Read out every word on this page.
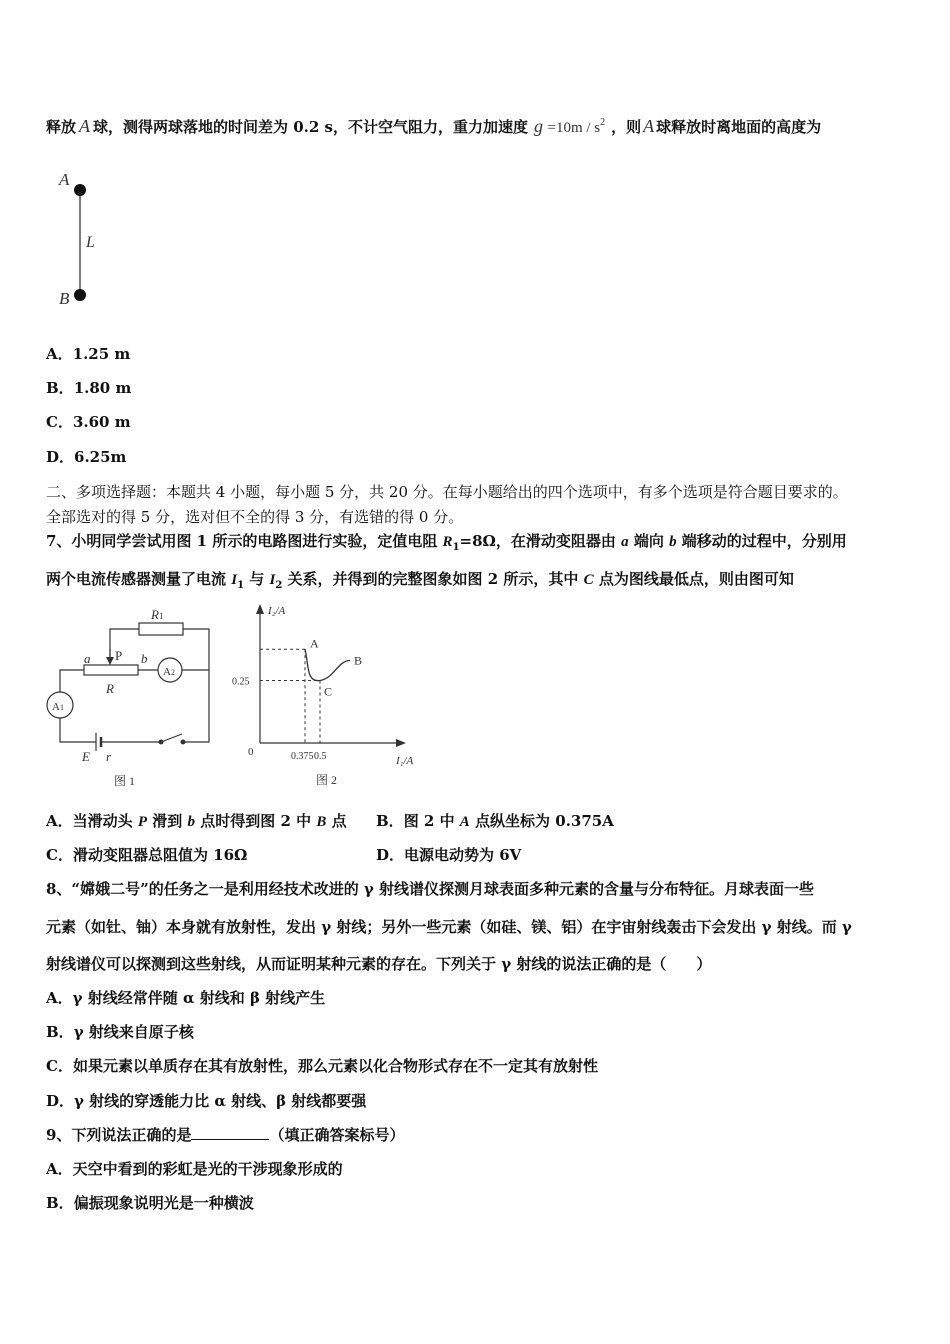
释放 A 球，测得两球落地的时间差为 0.2 s，不计空气阻力，重力加速度 $g =10m / s^2$ ，则 A 球释放时离地面的高度为
A
L
B
A．1.25 m
B．1.80 m
C．3.60 m
D．6.25m
二、多项选择题：本题共 4 小题，每小题 5 分，共 20 分。在每小题给出的四个选项中，有多个选项是符合题目要求的。
全部选对的得 5 分，选对但不全的得 3 分，有选错的得 0 分。
7、小明同学尝试用图 1 所示的电路图进行实验，定值电阻 $R_1=8\Omega$，在滑动变阻器由 a 端向 b 端移动的过程中，分别用
两个电流传感器测量了电流 $I_1$ 与 $I_2$ 关系，并得到的完整图象如图 2 所示，其中 C 点为图线最低点，则由图可知
R1
P
a	b
R
A2
A1
E r
图 1
I₂/A
I₁/A
0
A
C
B
0.375 0.5
0.25
图 2
A．当滑动头 P 滑到 b 点时得到图 2 中 B 点 B．图 2 中 A 点纵坐标为 0.375A
C．滑动变阻器总阻值为 16Ω	D．电源电动势为 6V
8、“嫦娥二号”的任务之一是利用经技术改进的 γ 射线谱仪探测月球表面多种元素的含量与分布特征。月球表面一些
元素（如钍、铀）本身就有放射性，发出 γ 射线；另外一些元素（如硅、镁、铝）在宇宙射线轰击下会发出 γ 射线。而 γ
射线谱仪可以探测到这些射线，从而证明某种元素的存在。下列关于 γ 射线的说法正确的是（　　）
A．γ 射线经常伴随 α 射线和 β 射线产生
B．γ 射线来自原子核
C．如果元素以单质存在其有放射性，那么元素以化合物形式存在不一定其有放射性
D．γ 射线的穿透能力比 α 射线、β 射线都要强
9、下列说法正确的是	（填正确答案标号）
A．天空中看到的彩虹是光的干涉现象形成的
B．偏振现象说明光是一种横波
